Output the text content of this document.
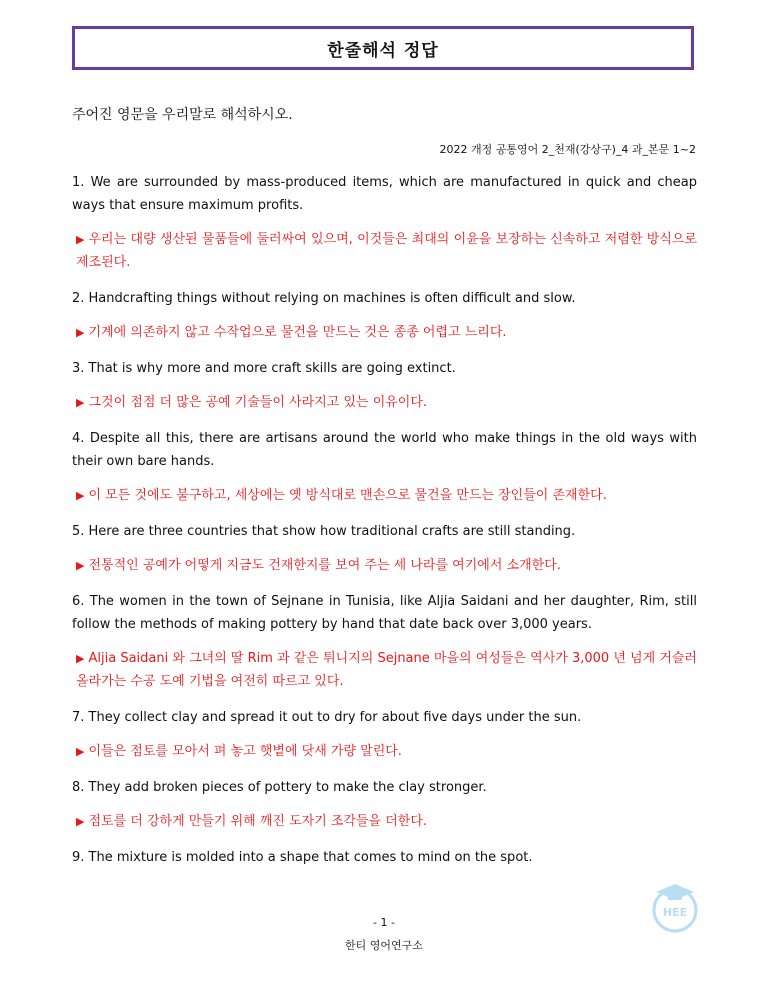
한줄해석 정답
주어진 영문을 우리말로 해석하시오.
2022 개정 공통영어 2_천재(강상구)_4 과_본문 1~2

1. We are surrounded by mass-produced items, which are manufactured in quick and cheap ways that ensure maximum profits.

▶ 우리는 대량 생산된 물품들에 둘러싸여 있으며, 이것들은 최대의 이윤을 보장하는 신속하고 저렴한 방식으로 제조된다.

2. Handcrafting things without relying on machines is often difficult and slow.

▶ 기계에 의존하지 않고 수작업으로 물건을 만드는 것은 종종 어렵고 느리다.

3. That is why more and more craft skills are going extinct.

▶ 그것이 점점 더 많은 공예 기술들이 사라지고 있는 이유이다.

4. Despite all this, there are artisans around the world who make things in the old ways with their own bare hands.

▶ 이 모든 것에도 불구하고, 세상에는 옛 방식대로 맨손으로 물건을 만드는 장인들이 존재한다.

5. Here are three countries that show how traditional crafts are still standing.

▶ 전통적인 공예가 어떻게 지금도 건재한지를 보여 주는 세 나라를 여기에서 소개한다.

6. The women in the town of Sejnane in Tunisia, like Aljia Saidani and her daughter, Rim, still follow the methods of making pottery by hand that date back over 3,000 years.

▶ Aljia Saidani 와 그녀의 딸 Rim 과 같은 튀니지의 Sejnane 마을의 여성들은 역사가 3,000 년 넘게 거슬러 올라가는 수공 도예 기법을 여전히 따르고 있다.

7. They collect clay and spread it out to dry for about five days under the sun.

▶ 이들은 점토를 모아서 펴 놓고 햇볕에 닷새 가량 말린다.

8. They add broken pieces of pottery to make the clay stronger.

▶ 점토를 더 강하게 만들기 위해 깨진 도자기 조각들을 더한다.

9. The mixture is molded into a shape that comes to mind on the spot.

HEE
- 1 -
한티 영어연구소
